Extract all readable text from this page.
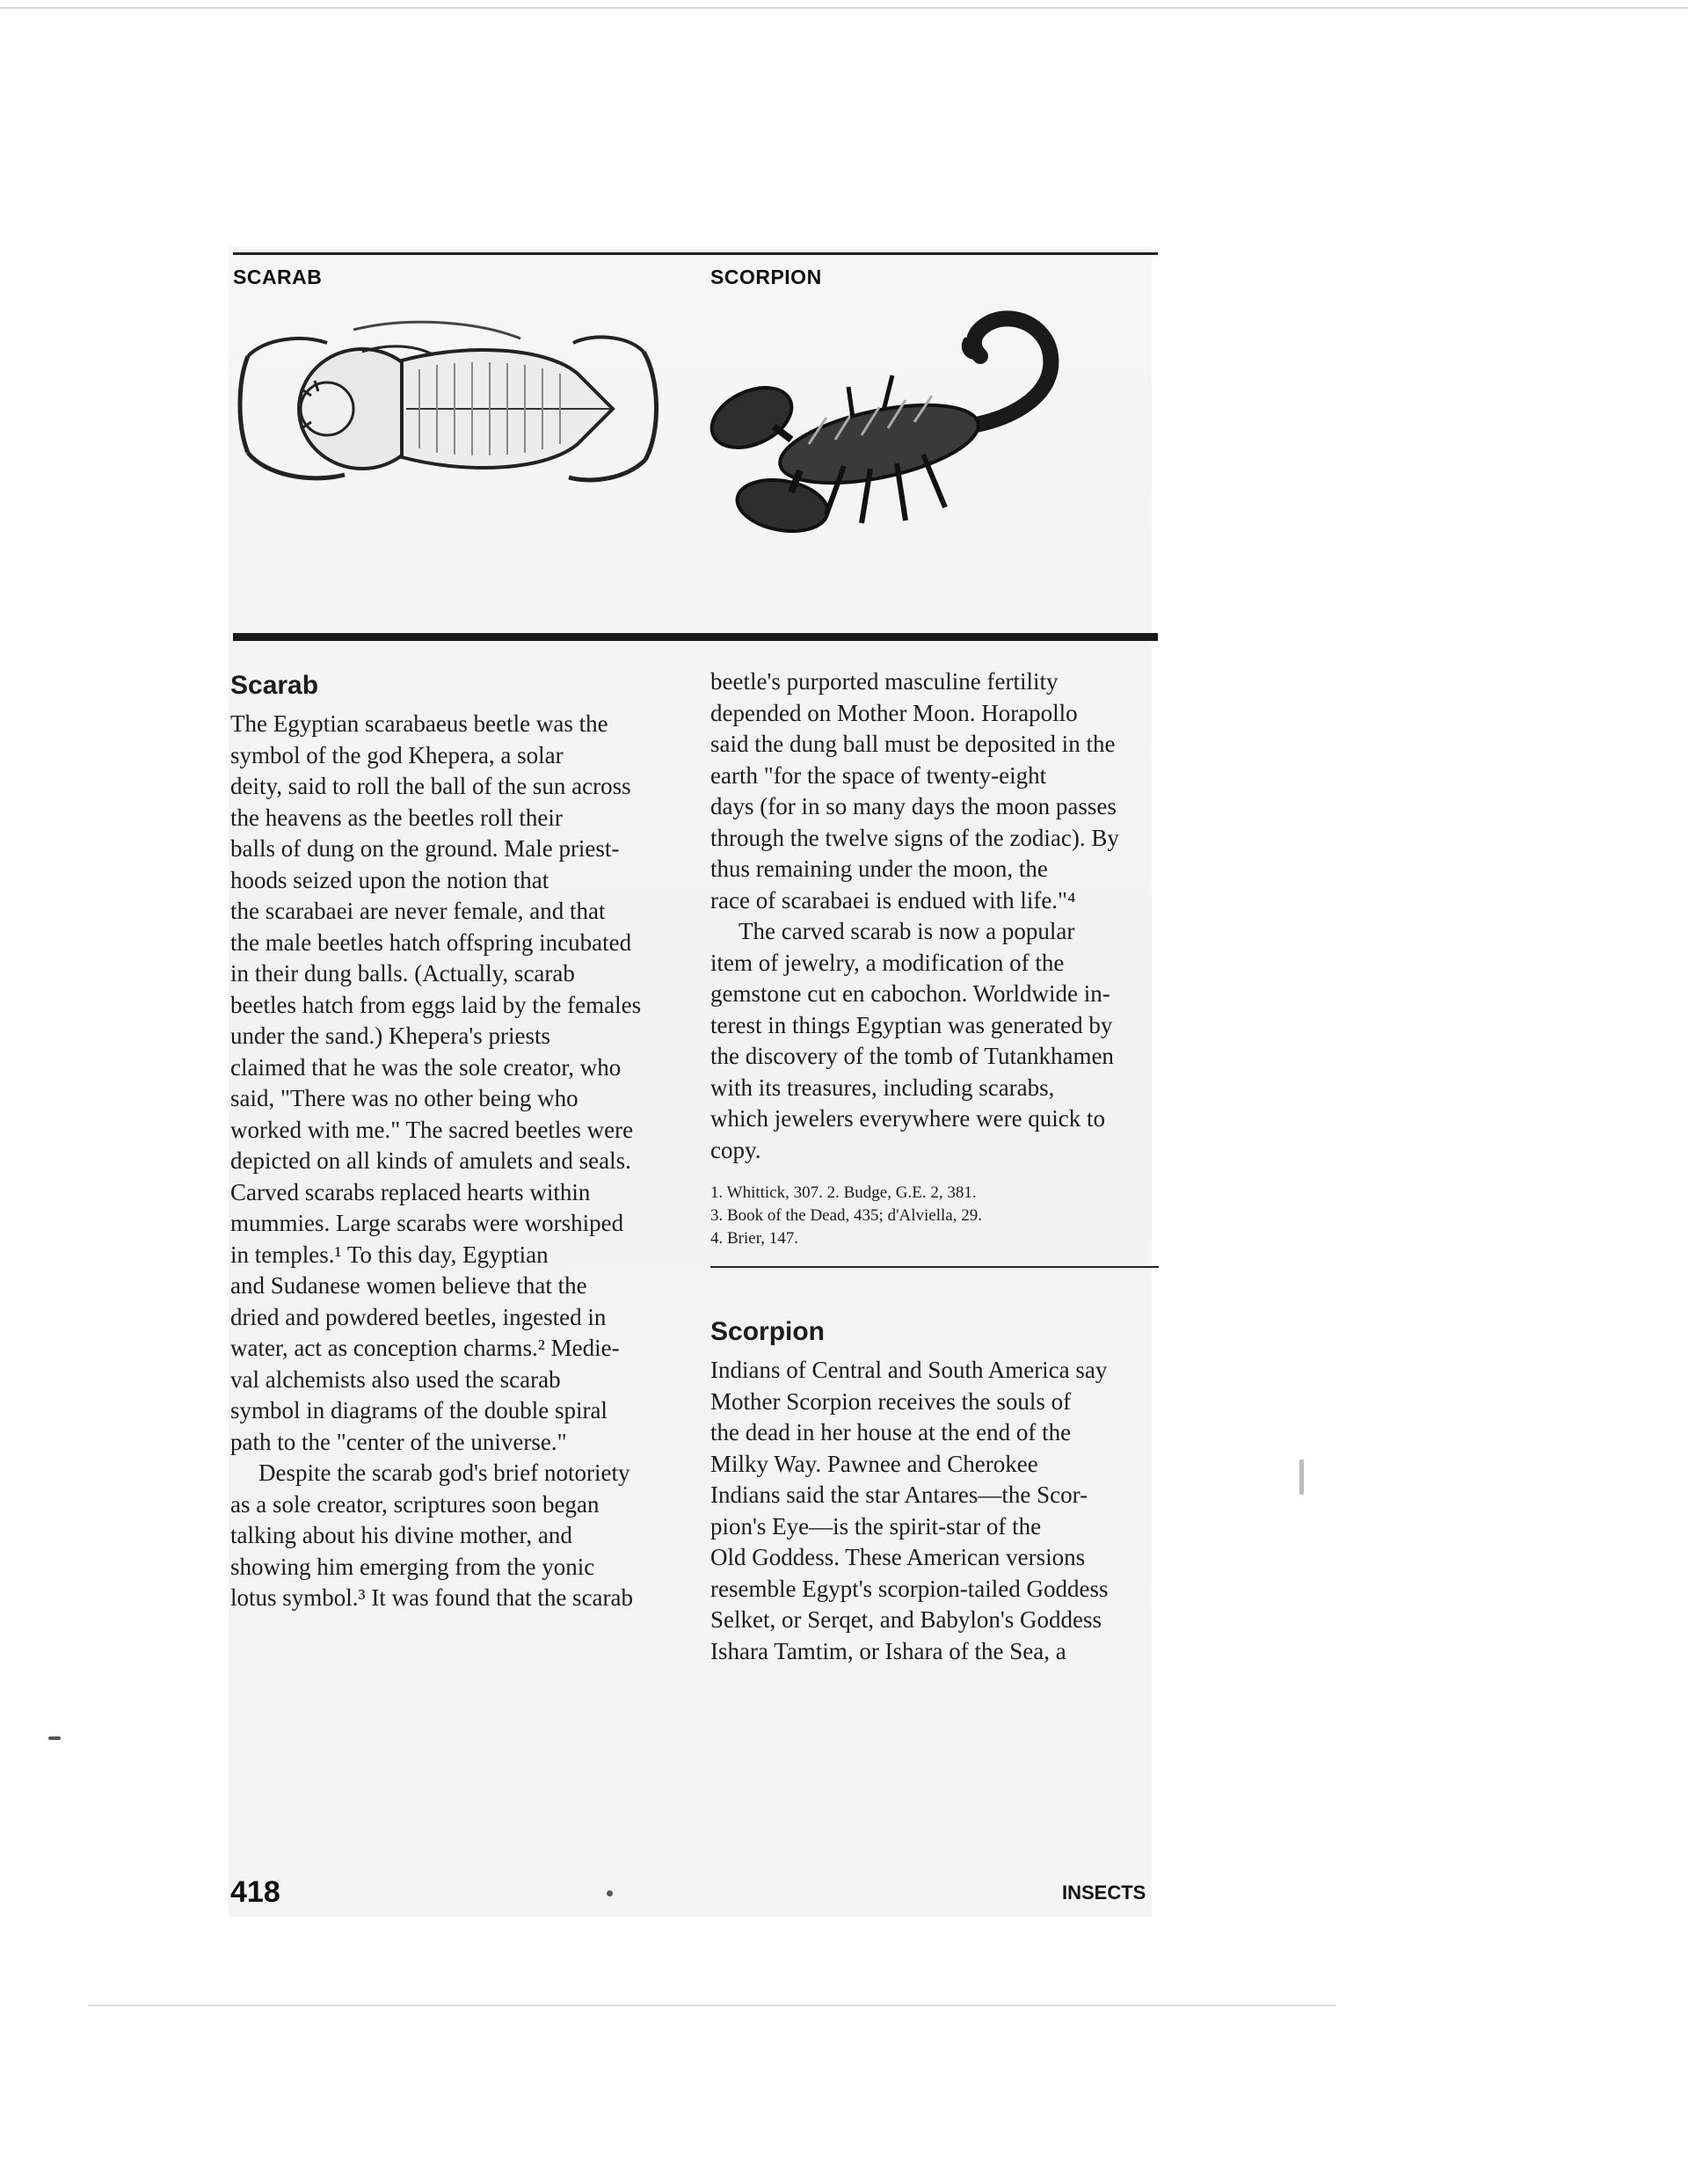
SCARAB	SCORPION
Scarab

The Egyptian scarabaeus beetle was the
symbol of the god Khepera, a solar
deity, said to roll the ball of the sun across
the heavens as the beetles roll their
balls of dung on the ground. Male priest-
hoods seized upon the notion that
the scarabaei are never female, and that
the male beetles hatch offspring incubated
in their dung balls. (Actually, scarab
beetles hatch from eggs laid by the females
under the sand.) Khepera's priests
claimed that he was the sole creator, who
said, "There was no other being who
worked with me." The sacred beetles were
depicted on all kinds of amulets and seals.
Carved scarabs replaced hearts within
mummies. Large scarabs were worshiped
in temples.¹ To this day, Egyptian
and Sudanese women believe that the
dried and powdered beetles, ingested in
water, act as conception charms.² Medie-
val alchemists also used the scarab
symbol in diagrams of the double spiral
path to the "center of the universe."

Despite the scarab god's brief notoriety
as a sole creator, scriptures soon began
talking about his divine mother, and
showing him emerging from the yonic
lotus symbol.³ It was found that the scarab

beetle's purported masculine fertility
depended on Mother Moon. Horapollo
said the dung ball must be deposited in the
earth "for the space of twenty-eight
days (for in so many days the moon passes
through the twelve signs of the zodiac). By
thus remaining under the moon, the
race of scarabaei is endued with life."⁴

The carved scarab is now a popular
item of jewelry, a modification of the
gemstone cut en cabochon. Worldwide in-
terest in things Egyptian was generated by
the discovery of the tomb of Tutankhamen
with its treasures, including scarabs,
which jewelers everywhere were quick to
copy.

1. Whittick, 307. 2. Budge, G.E. 2, 381.
3. Book of the Dead, 435; d'Alviella, 29.
4. Brier, 147.
Scorpion

Indians of Central and South America say
Mother Scorpion receives the souls of
the dead in her house at the end of the
Milky Way. Pawnee and Cherokee
Indians said the star Antares—the Scor-
pion's Eye—is the spirit-star of the
Old Goddess. These American versions
resemble Egypt's scorpion-tailed Goddess
Selket, or Serqet, and Babylon's Goddess
Ishara Tamtim, or Ishara of the Sea, a

418	INSECTS
